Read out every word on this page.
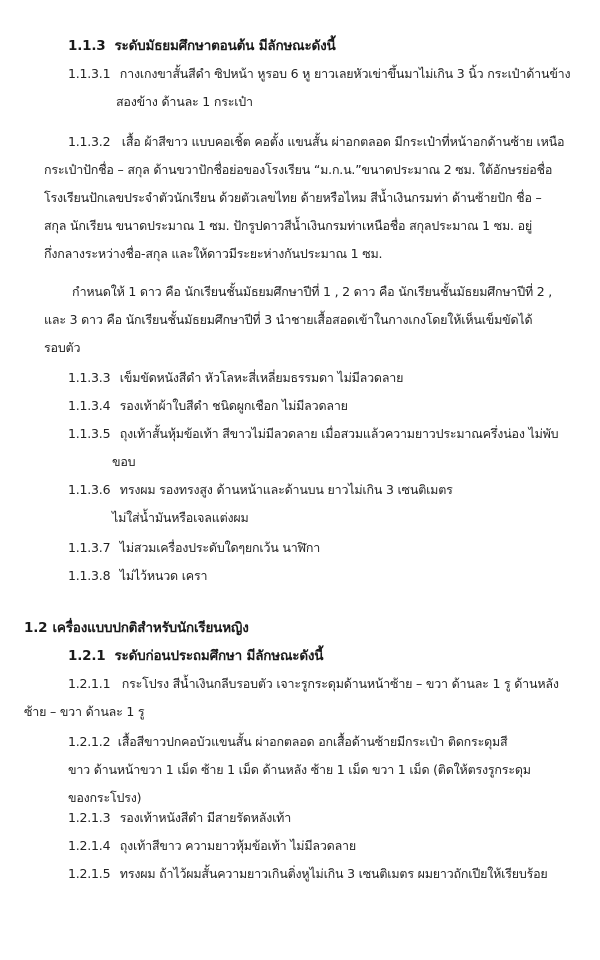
1.1.3 ระดับมัธยมศึกษาตอนต้น มีลักษณะดังนี้
1.1.3.1 กางเกงขาสั้นสีดำ ซิปหน้า หูรอบ 6 หู ยาวเลยหัวเข่าขึ้นมาไม่เกิน 3 นิ้ว กระเป๋าด้านข้าง
สองข้าง ด้านละ 1 กระเป๋า
1.1.3.2 เสื้อ ผ้าสีขาว แบบคอเชิ้ต คอตั้ง แขนสั้น ผ่าอกตลอด มีกระเป๋าที่หน้าอกด้านซ้าย เหนือ
กระเป๋าปักชื่อ – สกุล ด้านขวาปักชื่อย่อของโรงเรียน “ม.ก.น.”ขนาดประมาณ 2 ซม. ใต้อักษรย่อชื่อ
โรงเรียนปักเลขประจำตัวนักเรียน ด้วยตัวเลขไทย ด้ายหรือไหม สีน้ำเงินกรมท่า ด้านซ้ายปัก ชื่อ –
สกุล นักเรียน ขนาดประมาณ 1 ซม. ปักรูปดาวสีน้ำเงินกรมท่าเหนือชื่อ สกุลประมาณ 1 ซม. อยู่
กึ่งกลางระหว่างชื่อ-สกุล และให้ดาวมีระยะห่างกันประมาณ 1 ซม.
กำหนดให้ 1 ดาว คือ นักเรียนชั้นมัธยมศึกษาปีที่ 1 , 2 ดาว คือ นักเรียนชั้นมัธยมศึกษาปีที่ 2 ,
และ 3 ดาว คือ นักเรียนชั้นมัธยมศึกษาปีที่ 3 นำชายเสื้อสอดเข้าในกางเกงโดยให้เห็นเข็มขัดได้
รอบตัว
1.1.3.3 เข็มขัดหนังสีดำ หัวโลหะสี่เหลี่ยมธรรมดา ไม่มีลวดลาย
1.1.3.4 รองเท้าผ้าใบสีดำ ชนิดผูกเชือก ไม่มีลวดลาย
1.1.3.5 ถุงเท้าสั้นหุ้มข้อเท้า สีขาวไม่มีลวดลาย เมื่อสวมแล้วความยาวประมาณครึ่งน่อง ไม่พับ
ขอบ
1.1.3.6 ทรงผม รองทรงสูง ด้านหน้าและด้านบน ยาวไม่เกิน 3 เซนติเมตร
ไม่ใส่น้ำมันหรือเจลแต่งผม
1.1.3.7 ไม่สวมเครื่องประดับใดๆยกเว้น นาฬิกา
1.1.3.8 ไม่ไว้หนวด เครา
1.2 เครื่องแบบปกติสำหรับนักเรียนหญิง
1.2.1 ระดับก่อนประถมศึกษา มีลักษณะดังนี้
1.2.1.1 กระโปรง สีน้ำเงินกลีบรอบตัว เจาะรูกระดุมด้านหน้าซ้าย – ขวา ด้านละ 1 รู ด้านหลัง
ซ้าย – ขวา ด้านละ 1 รู
1.2.1.2 เสื้อสีขาวปกคอบัวแขนสั้น ผ่าอกตลอด อกเสื้อด้านซ้ายมีกระเป๋า ติดกระดุมสี
ขาว ด้านหน้าขวา 1 เม็ด ซ้าย 1 เม็ด ด้านหลัง ซ้าย 1 เม็ด ขวา 1 เม็ด (ติดให้ตรงรูกระดุม
ของกระโปรง)
1.2.1.3 รองเท้าหนังสีดำ มีสายรัดหลังเท้า
1.2.1.4 ถุงเท้าสีขาว ความยาวหุ้มข้อเท้า ไม่มีลวดลาย
1.2.1.5 ทรงผม ถ้าไว้ผมสั้นความยาวเกินติ่งหูไม่เกิน 3 เซนติเมตร ผมยาวถักเปียให้เรียบร้อย
